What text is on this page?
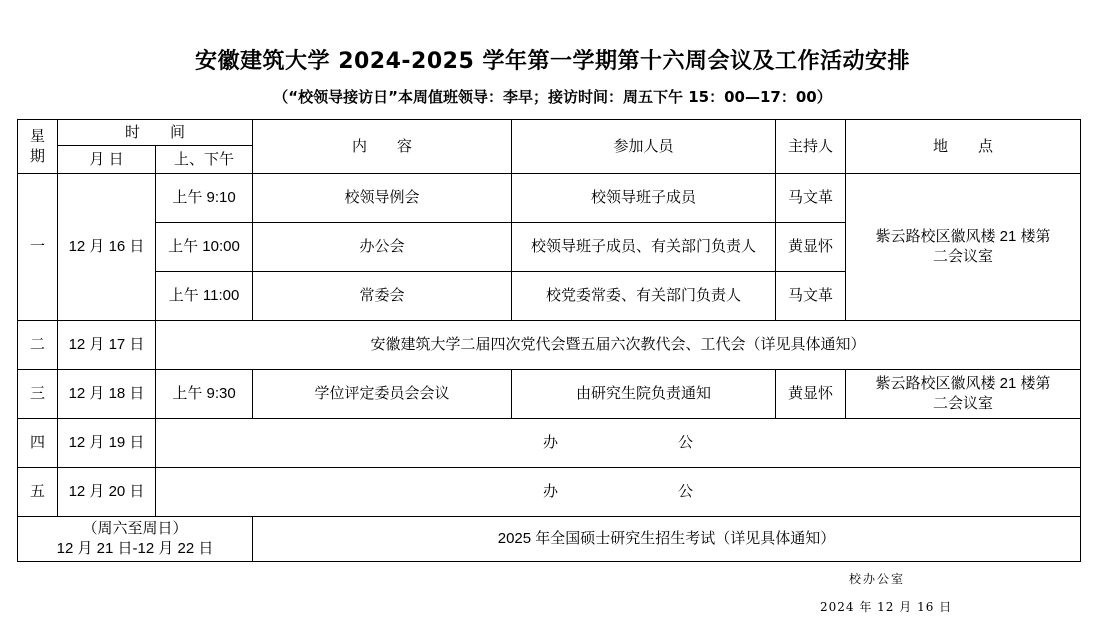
安徽建筑大学 2024-2025 学年第一学期第十六周会议及工作活动安排
（“校领导接访日”本周值班领导：李早；接访时间：周五下午 15：00—17：00）
星期	时　　间		内　　容	参加人员	主持人	地　　点
	月 日	上、下午				
一	12 月 16 日	上午 9:10	校领导例会	校领导班子成员	马文革	紫云路校区徽风楼 21 楼第二会议室
		上午 10:00	办公会	校领导班子成员、有关部门负责人	黄显怀	
		上午 11:00	常委会	校党委常委、有关部门负责人	马文革	
二	12 月 17 日	安徽建筑大学二届四次党代会暨五届六次教代会、工代会（详见具体通知）				
三	12 月 18 日	上午 9:30	学位评定委员会会议	由研究生院负责通知	黄显怀	紫云路校区徽风楼 21 楼第二会议室
四	12 月 19 日	办　　　　　　　　公				
五	12 月 20 日	办　　　　　　　　公				

（周六至周日）
12 月 21 日-12 月 22 日			2025 年全国硕士研究生招生考试（详见具体通知）			
校办公室
2024 年 12 月 16 日
